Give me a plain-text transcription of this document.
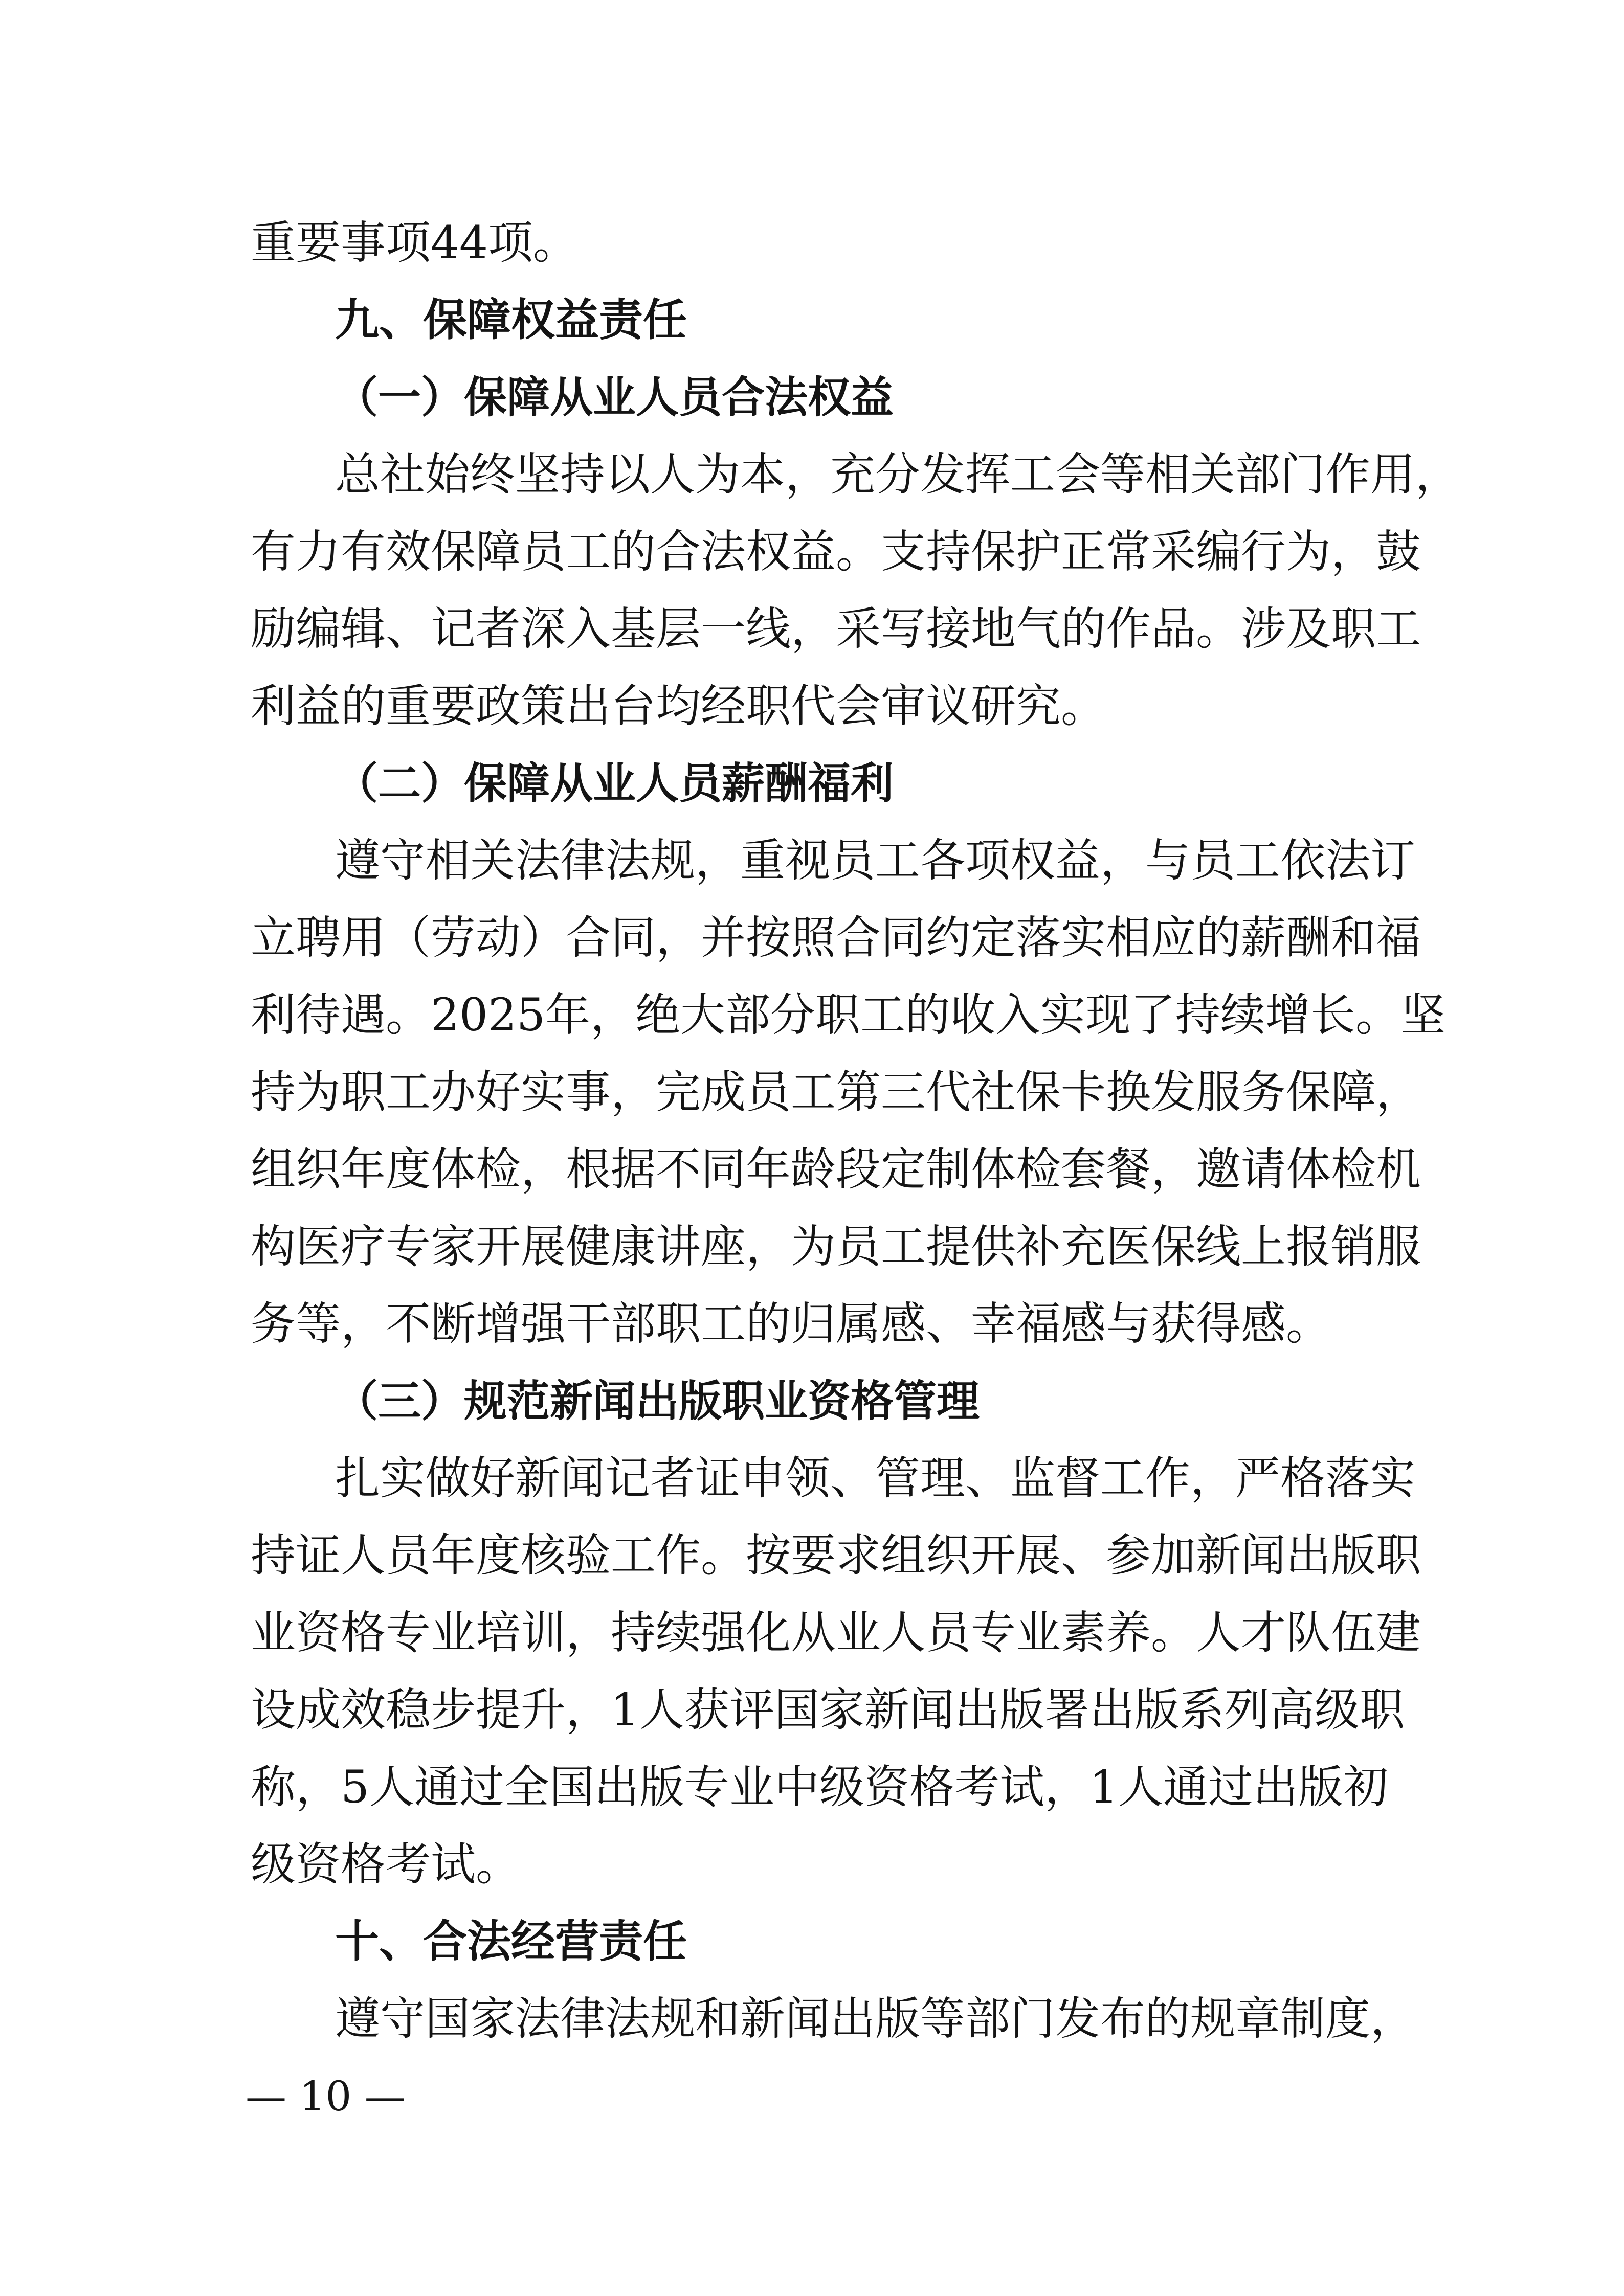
重要事项44项。
九、保障权益责任
（一）保障从业人员合法权益
总社始终坚持以人为本，充分发挥工会等相关部门作用，
有力有效保障员工的合法权益。支持保护正常采编行为，鼓
励编辑、记者深入基层一线，采写接地气的作品。涉及职工
利益的重要政策出台均经职代会审议研究。
（二）保障从业人员薪酬福利
遵守相关法律法规，重视员工各项权益，与员工依法订
立聘用（劳动）合同，并按照合同约定落实相应的薪酬和福
利待遇。2025年，绝大部分职工的收入实现了持续增长。坚
持为职工办好实事，完成员工第三代社保卡换发服务保障，
组织年度体检，根据不同年龄段定制体检套餐，邀请体检机
构医疗专家开展健康讲座，为员工提供补充医保线上报销服
务等，不断增强干部职工的归属感、幸福感与获得感。
（三）规范新闻出版职业资格管理
扎实做好新闻记者证申领、管理、监督工作，严格落实
持证人员年度核验工作。按要求组织开展、参加新闻出版职
业资格专业培训，持续强化从业人员专业素养。人才队伍建
设成效稳步提升，1人获评国家新闻出版署出版系列高级职
称，5人通过全国出版专业中级资格考试，1人通过出版初
级资格考试。
十、合法经营责任
遵守国家法律法规和新闻出版等部门发布的规章制度，
— 10 —
